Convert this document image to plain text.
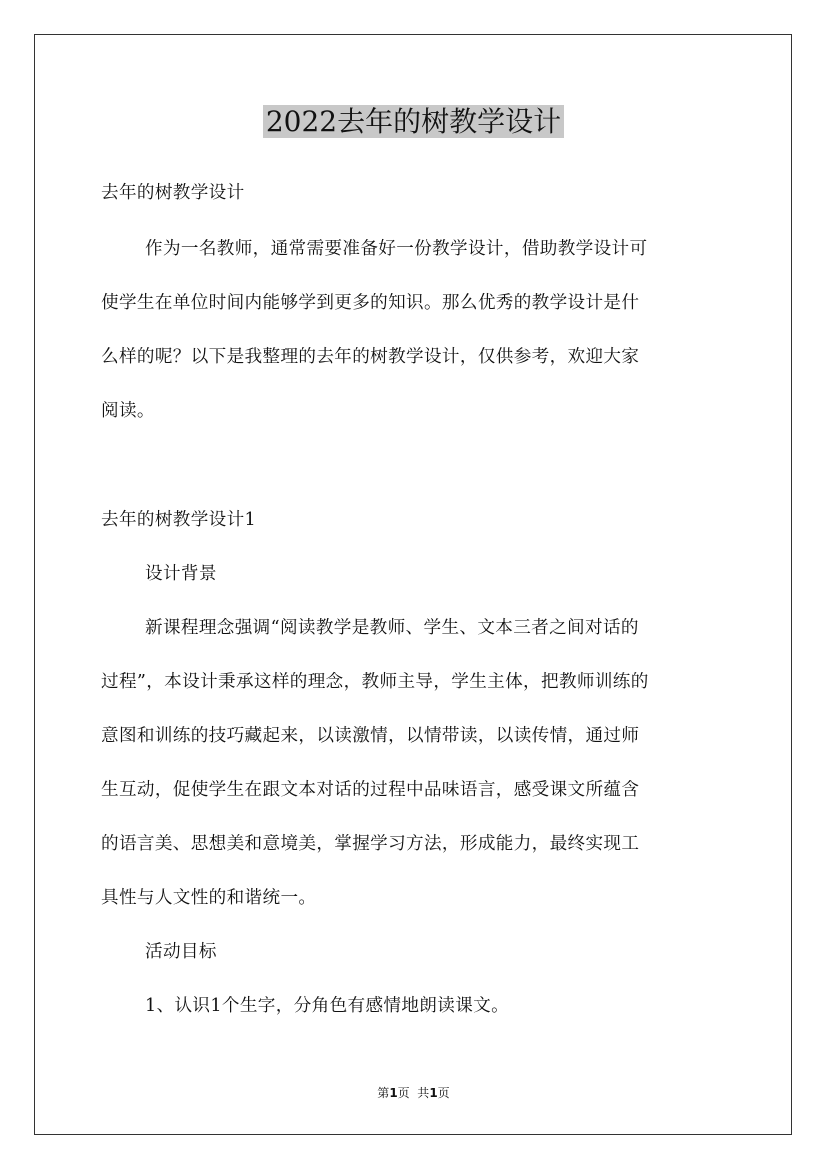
2022去年的树教学设计
去年的树教学设计
作为一名教师，通常需要准备好一份教学设计，借助教学设计可
使学生在单位时间内能够学到更多的知识。那么优秀的教学设计是什
么样的呢？以下是我整理的去年的树教学设计，仅供参考，欢迎大家
阅读。
去年的树教学设计1
设计背景
新课程理念强调“阅读教学是教师、学生、文本三者之间对话的
过程”，本设计秉承这样的理念，教师主导，学生主体，把教师训练的
意图和训练的技巧藏起来，以读激情，以情带读，以读传情，通过师
生互动，促使学生在跟文本对话的过程中品味语言，感受课文所蕴含
的语言美、思想美和意境美，掌握学习方法，形成能力，最终实现工
具性与人文性的和谐统一。
活动目标
1、认识1个生字，分角色有感情地朗读课文。
第1页  共1页
